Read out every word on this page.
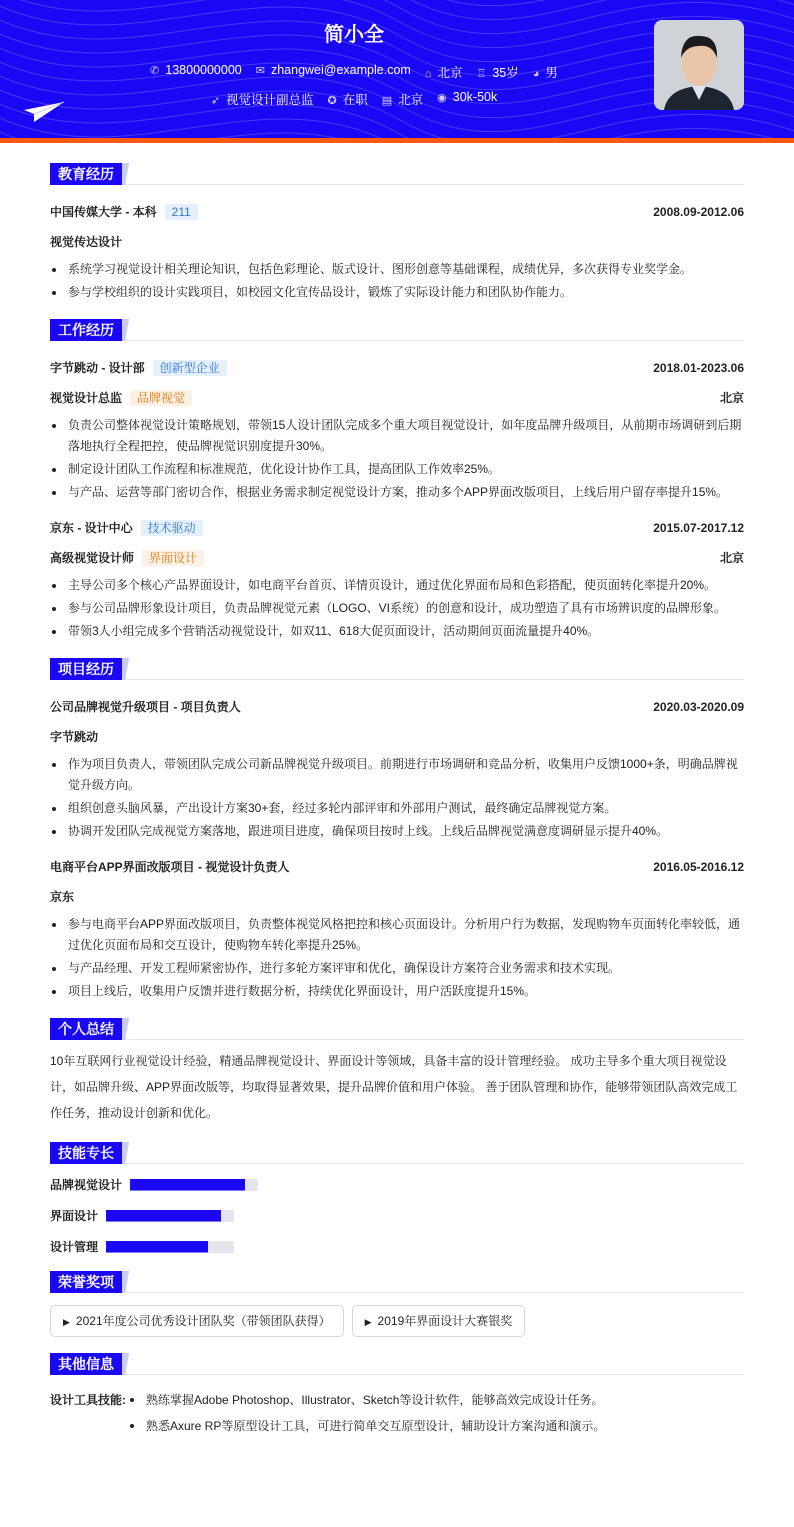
简小全
✆ 13800000000 ✉ zhangwei@example.com ⌂ 北京 ♖ 35岁 ◕ 男
➶ 视觉设计副总监 ✪ 在职 ▤ 北京 ◉ 30k-50k
教育经历
中国传媒大学 - 本科 211	2008.09-2012.06
视觉传达设计
系统学习视觉设计相关理论知识，包括色彩理论、版式设计、图形创意等基础课程，成绩优异，多次获得专业奖学金。
参与学校组织的设计实践项目，如校园文化宣传品设计，锻炼了实际设计能力和团队协作能力。
工作经历
字节跳动 - 设计部 创新型企业	2018.01-2023.06
视觉设计总监 品牌视觉	北京
负责公司整体视觉设计策略规划，带领15人设计团队完成多个重大项目视觉设计，如年度品牌升级项目，从前期市场调研到后期落地执行全程把控，使品牌视觉识别度提升30%。
制定设计团队工作流程和标准规范，优化设计协作工具，提高团队工作效率25%。
与产品、运营等部门密切合作，根据业务需求制定视觉设计方案，推动多个APP界面改版项目，上线后用户留存率提升15%。
京东 - 设计中心 技术驱动	2015.07-2017.12
高级视觉设计师 界面设计	北京
主导公司多个核心产品界面设计，如电商平台首页、详情页设计，通过优化界面布局和色彩搭配，使页面转化率提升20%。
参与公司品牌形象设计项目，负责品牌视觉元素（LOGO、VI系统）的创意和设计，成功塑造了具有市场辨识度的品牌形象。
带领3人小组完成多个营销活动视觉设计，如双11、618大促页面设计，活动期间页面流量提升40%。
项目经历
公司品牌视觉升级项目 - 项目负责人	2020.03-2020.09
字节跳动
作为项目负责人，带领团队完成公司新品牌视觉升级项目。前期进行市场调研和竞品分析，收集用户反馈1000+条，明确品牌视觉升级方向。
组织创意头脑风暴，产出设计方案30+套，经过多轮内部评审和外部用户测试，最终确定品牌视觉方案。
协调开发团队完成视觉方案落地，跟进项目进度，确保项目按时上线。上线后品牌视觉满意度调研显示提升40%。
电商平台APP界面改版项目 - 视觉设计负责人	2016.05-2016.12
京东
参与电商平台APP界面改版项目，负责整体视觉风格把控和核心页面设计。分析用户行为数据，发现购物车页面转化率较低，通过优化页面布局和交互设计，使购物车转化率提升25%。
与产品经理、开发工程师紧密协作，进行多轮方案评审和优化，确保设计方案符合业务需求和技术实现。
项目上线后，收集用户反馈并进行数据分析，持续优化界面设计，用户活跃度提升15%。
个人总结

10年互联网行业视觉设计经验，精通品牌视觉设计、界面设计等领域，具备丰富的设计管理经验。 成功主导多个重大项目视觉设计，如品牌升级、APP界面改版等，均取得显著效果，提升品牌价值和用户体验。 善于团队管理和协作，能够带领团队高效完成工作任务，推动设计创新和优化。

技能专长
品牌视觉设计
界面设计
设计管理
荣誉奖项
▶ 2021年度公司优秀设计团队奖（带领团队获得）	▶ 2019年界面设计大赛银奖
其他信息
设计工具技能:	熟练掌握Adobe Photoshop、Illustrator、Sketch等设计软件，能够高效完成设计任务。
熟悉Axure RP等原型设计工具，可进行简单交互原型设计，辅助设计方案沟通和演示。
